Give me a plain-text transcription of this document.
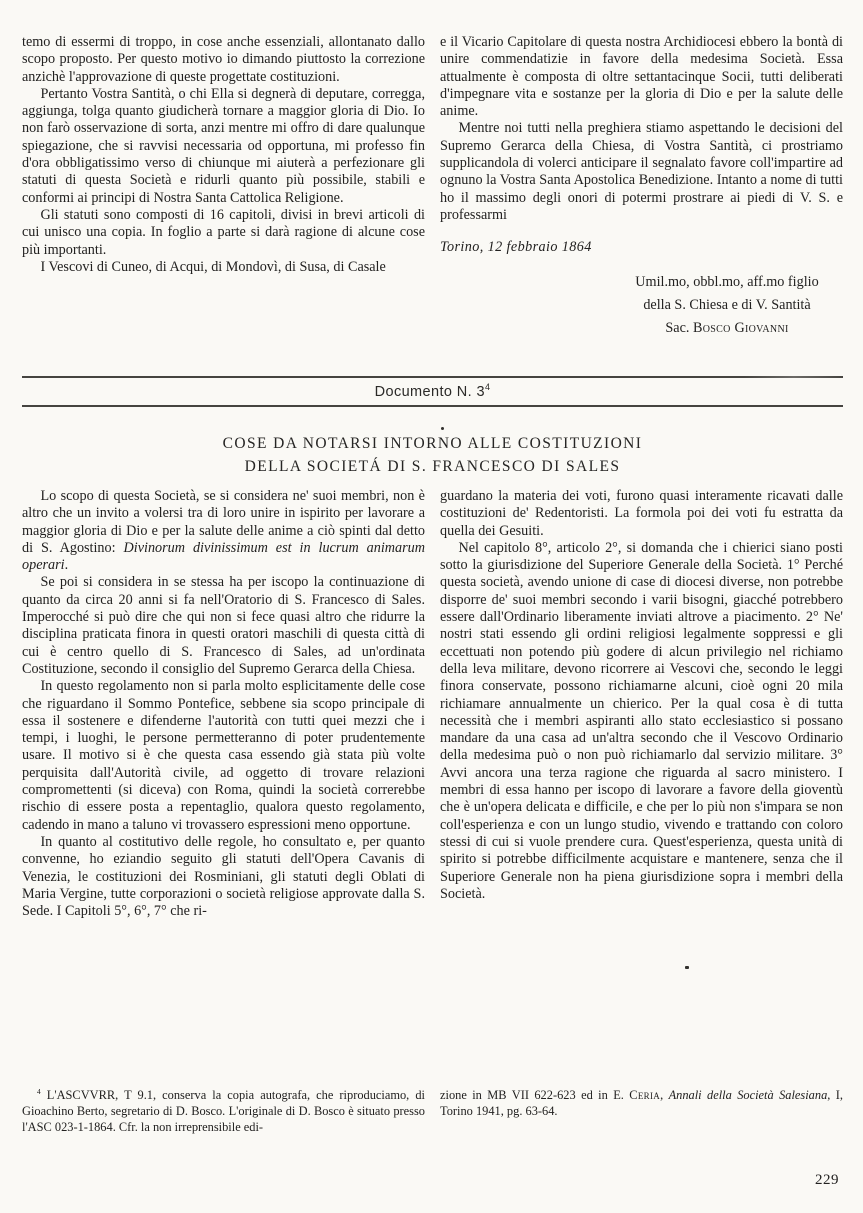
temo di essermi di troppo, in cose anche essenziali, allontanato dallo scopo proposto. Per questo motivo io dimando piuttosto la correzione anzichè l'approvazione di queste progettate costituzioni.

Pertanto Vostra Santità, o chi Ella si degnerà di deputare, corregga, aggiunga, tolga quanto giudicherà tornare a maggior gloria di Dio. Io non farò osservazione di sorta, anzi mentre mi offro di dare qualunque spiegazione, che si ravvisi necessaria od opportuna, mi professo fin d'ora obbligatissimo verso di chiunque mi aiuterà a perfezionare gli statuti di questa Società e ridurli quanto più possibile, stabili e conformi ai principi di Nostra Santa Cattolica Religione.

Gli statuti sono composti di 16 capitoli, divisi in brevi articoli di cui unisco una copia. In foglio a parte si darà ragione di alcune cose più importanti.

I Vescovi di Cuneo, di Acqui, di Mondovì, di Susa, di Casale

e il Vicario Capitolare di questa nostra Archidiocesi ebbero la bontà di unire commendatizie in favore della medesima Società. Essa attualmente è composta di oltre settantacinque Socii, tutti deliberati d'impegnare vita e sostanze per la gloria di Dio e per la salute delle anime.

Mentre noi tutti nella preghiera stiamo aspettando le decisioni del Supremo Gerarca della Chiesa, di Vostra Santità, ci prostriamo supplicandola di volerci anticipare il segnalato favore coll'impartire ad ognuno la Vostra Santa Apostolica Benedizione. Intanto a nome di tutti ho il massimo degli onori di potermi prostrare ai piedi di V. S. e professarmi

Torino, 12 febbraio 1864

Umil.mo, obbl.mo, aff.mo figlio
della S. Chiesa e di V. Santità
Sac. Bosco Giovanni
Documento N. $3^4$
COSE DA NOTARSI INTORNO ALLE COSTITUZIONI
DELLA SOCIETÁ DI S. FRANCESCO DI SALES

Lo scopo di questa Società, se si considera ne' suoi membri, non è altro che un invito a volersi tra di loro unire in ispirito per lavorare a maggior gloria di Dio e per la salute delle anime a ciò spinti dal detto di S. Agostino: Divinorum divinissimum est in lucrum animarum operari.

Se poi si considera in se stessa ha per iscopo la continuazione di quanto da circa 20 anni si fa nell'Oratorio di S. Francesco di Sales. Imperocché si può dire che qui non si fece quasi altro che ridurre la disciplina praticata finora in questi oratori maschili di questa città di cui è centro quello di S. Francesco di Sales, ad un'ordinata Costituzione, secondo il consiglio del Supremo Gerarca della Chiesa.

In questo regolamento non si parla molto esplicitamente delle cose che riguardano il Sommo Pontefice, sebbene sia scopo principale di essa il sostenere e difenderne l'autorità con tutti quei mezzi che i tempi, i luoghi, le persone permetteranno di poter prudentemente usare. Il motivo si è che questa casa essendo già stata più volte perquisita dall'Autorità civile, ad oggetto di trovare relazioni compromettenti (si diceva) con Roma, quindi la società correrebbe rischio di essere posta a repentaglio, qualora questo regolamento, cadendo in mano a taluno vi trovassero espressioni meno opportune.

In quanto al costitutivo delle regole, ho consultato e, per quanto convenne, ho eziandio seguito gli statuti dell'Opera Cavanis di Venezia, le costituzioni dei Rosminiani, gli statuti degli Oblati di Maria Vergine, tutte corporazioni o società religiose approvate dalla S. Sede. I Capitoli 5°, 6°, 7° che ri-

guardano la materia dei voti, furono quasi interamente ricavati dalle costituzioni de' Redentoristi. La formola poi dei voti fu estratta da quella dei Gesuiti.

Nel capitolo 8°, articolo 2°, si domanda che i chierici siano posti sotto la giurisdizione del Superiore Generale della Società. 1° Perché questa società, avendo unione di case di diocesi diverse, non potrebbe disporre de' suoi membri secondo i varii bisogni, giacché potrebbero essere dall'Ordinario liberamente inviati altrove a piacimento. 2° Ne' nostri stati essendo gli ordini religiosi legalmente soppressi e gli eccettuati non potendo più godere di alcun privilegio nel richiamo della leva militare, devono ricorrere ai Vescovi che, secondo le leggi finora conservate, possono richiamarne alcuni, cioè ogni 20 mila richiamare annualmente un chierico. Per la qual cosa è di tutta necessità che i membri aspiranti allo stato ecclesiastico si possano mandare da una casa ad un'altra secondo che il Vescovo Ordinario della medesima può o non può richiamarlo dal servizio militare. 3° Avvi ancora una terza ragione che riguarda al sacro ministero. I membri di essa hanno per iscopo di lavorare a favore della gioventù che è un'opera delicata e difficile, e che per lo più non s'impara se non coll'esperienza e con un lungo studio, vivendo e trattando con coloro stessi di cui si vuole prendere cura. Quest'esperienza, questa unità di spirito si potrebbe difficilmente acquistare e mantenere, senza che il Superiore Generale non ha piena giurisdizione sopra i membri della Società.

$^4$ L'ASCVVRR, T 9.1, conserva la copia autografa, che riproduciamo, di Gioachino Berto, segretario di D. Bosco. L'originale di D. Bosco è situato presso l'ASC 023-1-1864. Cfr. la non irreprensibile edi-

zione in MB VII 622-623 ed in E. Ceria, Annali della Società Salesiana, I, Torino 1941, pg. 63-64.

229
